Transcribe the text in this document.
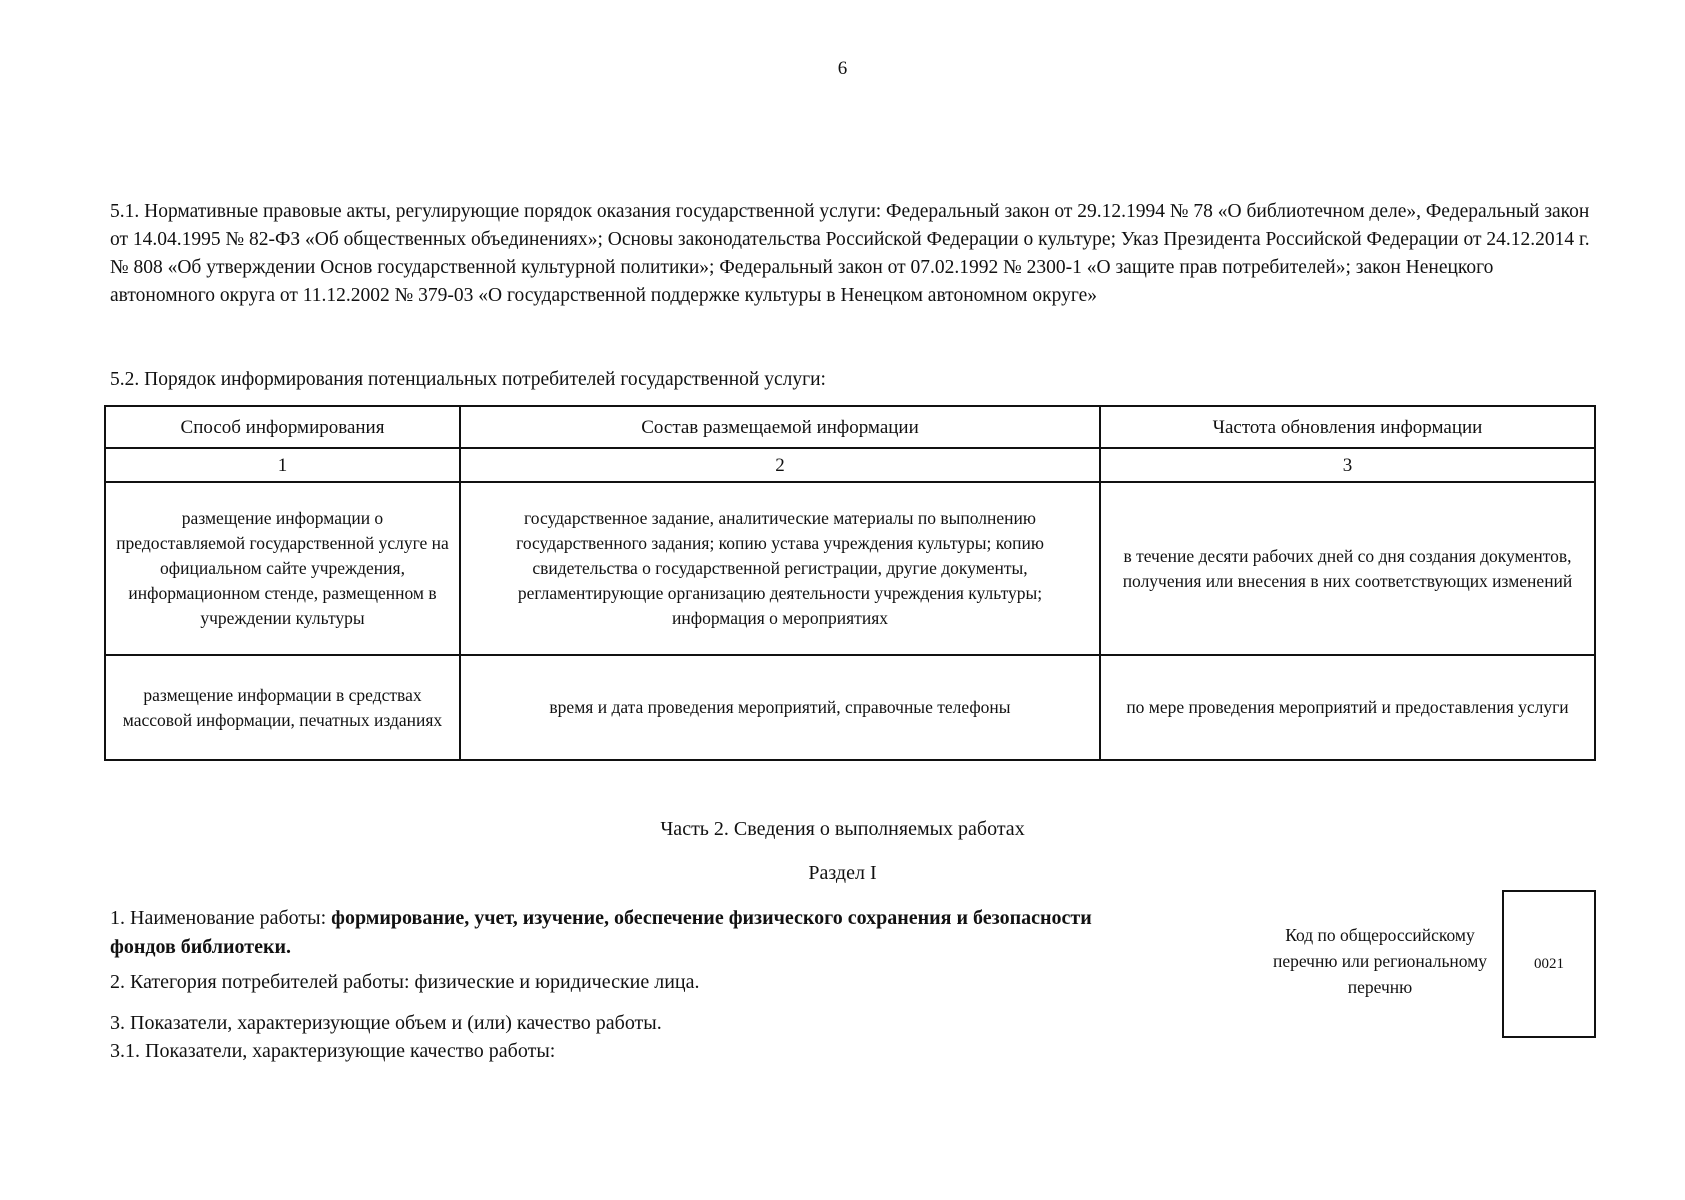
6
5.1. Нормативные правовые акты, регулирующие порядок оказания государственной услуги: Федеральный закон от 29.12.1994 № 78 «О библиотечном деле», Федеральный закон от 14.04.1995 № 82-ФЗ «Об общественных объединениях»; Основы законодательства Российской Федерации о культуре; Указ Президента Российской Федерации от 24.12.2014 г. № 808 «Об утверждении Основ государственной культурной политики»; Федеральный закон от 07.02.1992 № 2300-1 «О защите прав потребителей»; закон Ненецкого автономного округа от 11.12.2002 № 379-03 «О государственной поддержке культуры в Ненецком автономном округе»
5.2. Порядок информирования потенциальных потребителей государственной услуги:
Способ информирования	Состав размещаемой информации	Частота обновления информации
1	2	3
размещение информации о предоставляемой государственной услуге на официальном сайте учреждения, информационном стенде, размещенном в учреждении культуры	государственное задание, аналитические материалы по выполнению государственного задания; копию устава учреждения культуры; копию свидетельства о государственной регистрации, другие документы, регламентирующие организацию деятельности учреждения культуры; информация о мероприятиях	в течение десяти рабочих дней со дня создания документов, получения или внесения в них соответствующих изменений
размещение информации в средствах массовой информации, печатных изданиях	время и дата проведения мероприятий, справочные телефоны	по мере проведения мероприятий и предоставления услуги
Часть 2. Сведения о выполняемых работах
Раздел I
1. Наименование работы: формирование, учет, изучение, обеспечение физического сохранения и безопасности фондов библиотеки.
2. Категория потребителей работы: физические и юридические лица.
3. Показатели, характеризующие объем и (или) качество работы.
3.1. Показатели, характеризующие качество работы:
Код по общероссийскому перечню или региональному перечню
0021
